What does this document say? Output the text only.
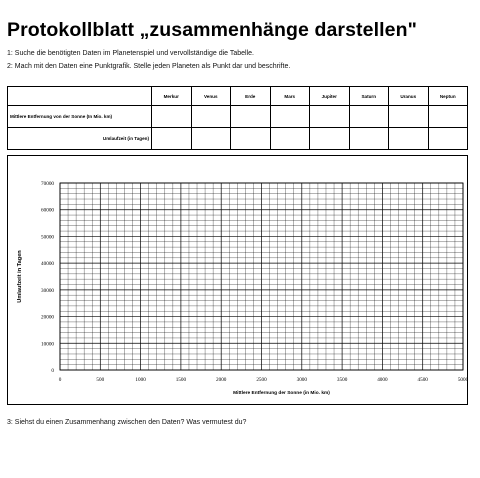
Protokollblatt „zusammenhänge darstellen"
1: Suche die benötigten Daten im Planetenspiel und vervollständige die Tabelle.
2: Mach mit den Daten eine Punktgrafik. Stelle jeden Planeten als Punkt dar und beschrifte.
	Merkur	Venus	Erde	Mars	Jupiter	Saturn	Uranus	Neptun
Mittlere Entfernung von der Sonne (In Mio. km)								
Umlaufzeit (in Tagen)								
0	500	1000	1500	2000	2500	3000	3500	4000	4500	5000
0
10000
20000
30000
40000
50000
60000
70000
Mittlere Entfernung der Sonne (in Mio. km)
Umlaufzeit in Tagen
3: Siehst du einen Zusammenhang zwischen den Daten? Was vermutest du?
